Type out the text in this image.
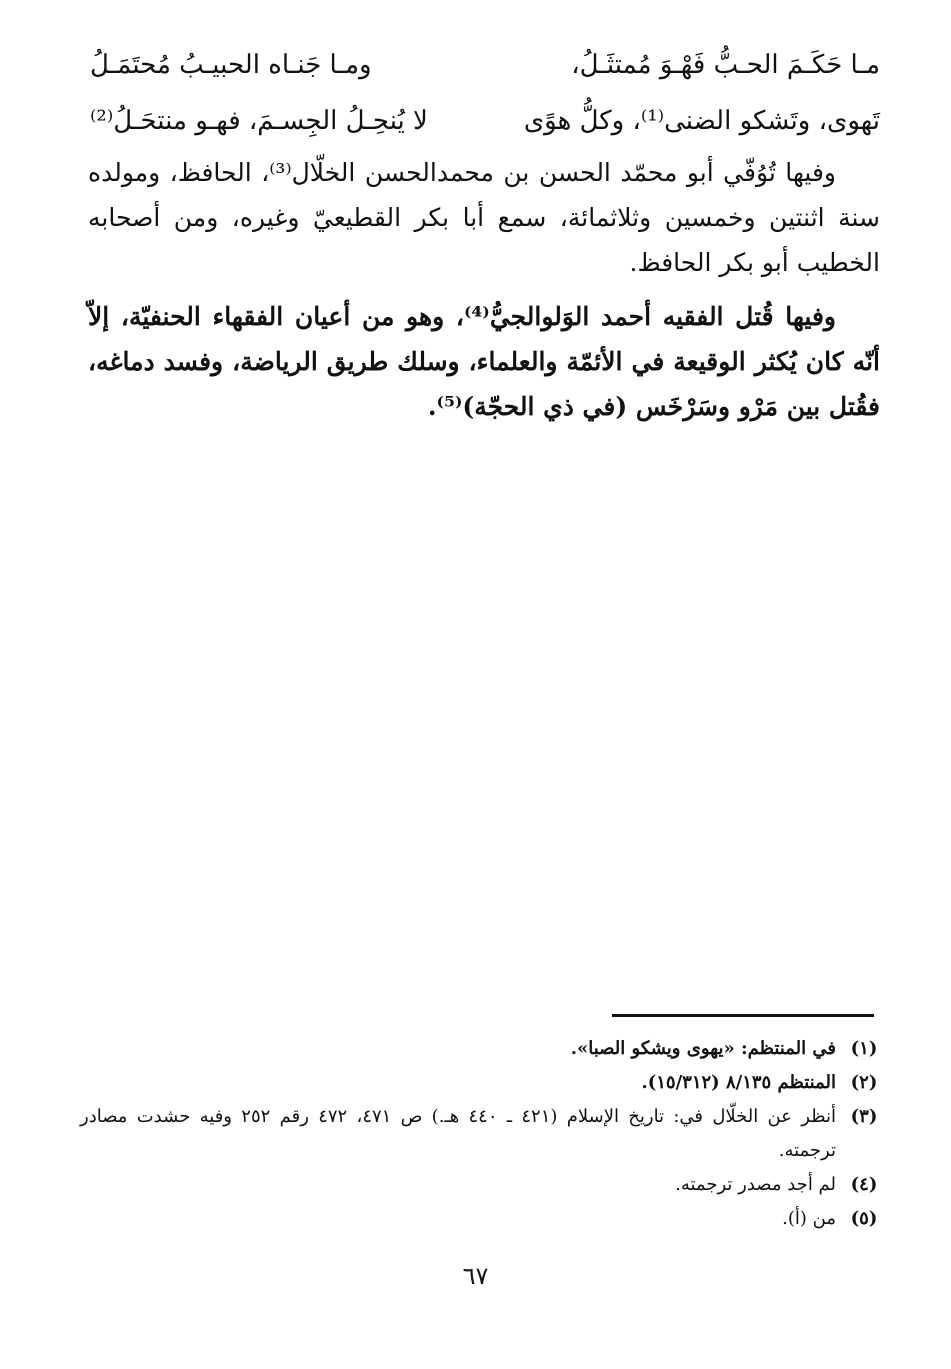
مـا حَكَـمَ الحـبُّ فَهْـوَ مُمتثَـلُ،
ومـا جَنـاه الحبيـبُ مُحتَمَـلُ
تَهوى، وتَشكو الضنى⁽¹⁾، وكلُّ هوًى
لا يُنحِـلُ الجِسـمَ، فهـو منتحَـلُ⁽²⁾
وفيها تُوُفّي أبو محمّد الحسن بن محمدالحسن الخلّال⁽³⁾، الحافظ، ومولده سنة اثنتين وخمسين وثلاثمائة، سمع أبا بكر القطيعيّ وغيره، ومن أصحابه الخطيب أبو بكر الحافظ.
وفيها قُتل الفقيه أحمد الوَلوالجيُّ⁽⁴⁾، وهو من أعيان الفقهاء الحنفيّة، إلاّ أنّه كان يُكثر الوقيعة في الأئمّة والعلماء، وسلك طريق الرياضة، وفسد دماغه، فقُتل بين مَرْو وسَرْخَس (في ذي الحجّة)⁽⁵⁾.
(١)
في المنتظم: «يهوى ويشكو الصبا».
(٢)
المنتظم ٨/١٣٥ (١٥/٣١٢).
(٣)
أنظر عن الخلّال في: تاريخ الإسلام (٤٢١ ـ ٤٤٠ هـ.) ص ٤٧١، ٤٧٢ رقم ٢٥٢ وفيه حشدت مصادر ترجمته.
(٤)
لم أجد مصدر ترجمته.
(٥)
من (أ).
٦٧
